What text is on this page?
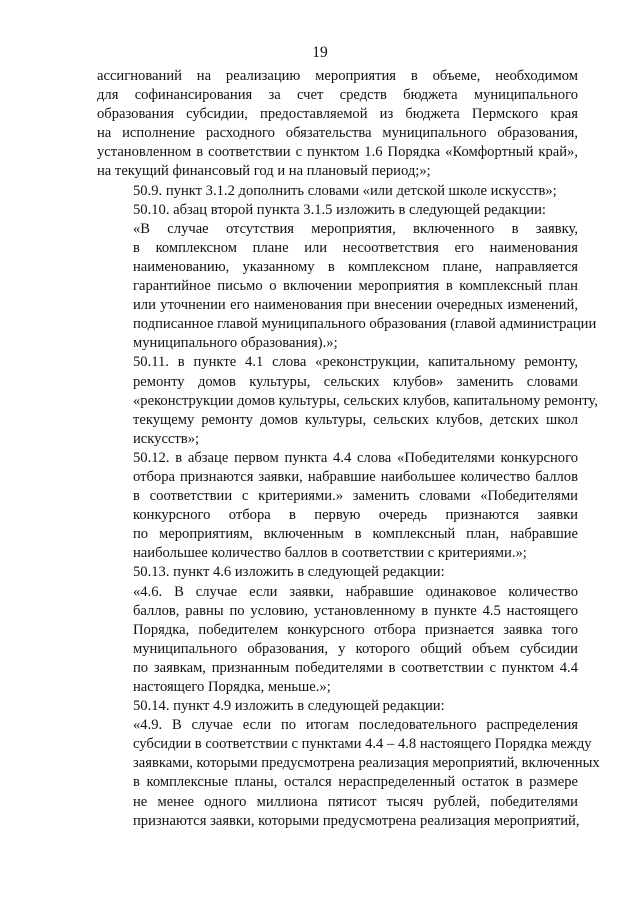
19

ассигнований на реализацию мероприятия в объеме, необходимом
для софинансирования за счет средств бюджета муниципального
образования субсидии, предоставляемой из бюджета Пермского края
на исполнение расходного обязательства муниципального образования,
установленном в соответствии с пунктом 1.6 Порядка «Комфортный край»,
на текущий финансовый год и на плановый период;»;

50.9. пункт 3.1.2 дополнить словами «или детской школе искусств»;

50.10. абзац второй пункта 3.1.5 изложить в следующей редакции:

«В случае отсутствия мероприятия, включенного в заявку,
в комплексном плане или несоответствия его наименования
наименованию, указанному в комплексном плане, направляется
гарантийное письмо о включении мероприятия в комплексный план
или уточнении его наименования при внесении очередных изменений,
подписанное главой муниципального образования (главой администрации
муниципального образования).»;

50.11. в пункте 4.1 слова «реконструкции, капитальному ремонту,
ремонту домов культуры, сельских клубов» заменить словами
«реконструкции домов культуры, сельских клубов, капитальному ремонту,
текущему ремонту домов культуры, сельских клубов, детских школ
искусств»;

50.12. в абзаце первом пункта 4.4 слова «Победителями конкурсного
отбора признаются заявки, набравшие наибольшее количество баллов
в соответствии с критериями.» заменить словами «Победителями
конкурсного отбора в первую очередь признаются заявки
по мероприятиям, включенным в комплексный план, набравшие
наибольшее количество баллов в соответствии с критериями.»;

50.13. пункт 4.6 изложить в следующей редакции:

«4.6. В случае если заявки, набравшие одинаковое количество
баллов, равны по условию, установленному в пункте 4.5 настоящего
Порядка, победителем конкурсного отбора признается заявка того
муниципального образования, у которого общий объем субсидии
по заявкам, признанным победителями в соответствии с пунктом 4.4
настоящего Порядка, меньше.»;

50.14. пункт 4.9 изложить в следующей редакции:

«4.9. В случае если по итогам последовательного распределения
субсидии в соответствии с пунктами 4.4 – 4.8 настоящего Порядка между
заявками, которыми предусмотрена реализация мероприятий, включенных
в комплексные планы, остался нераспределенный остаток в размере
не менее одного миллиона пятисот тысяч рублей, победителями
признаются заявки, которыми предусмотрена реализация мероприятий,
